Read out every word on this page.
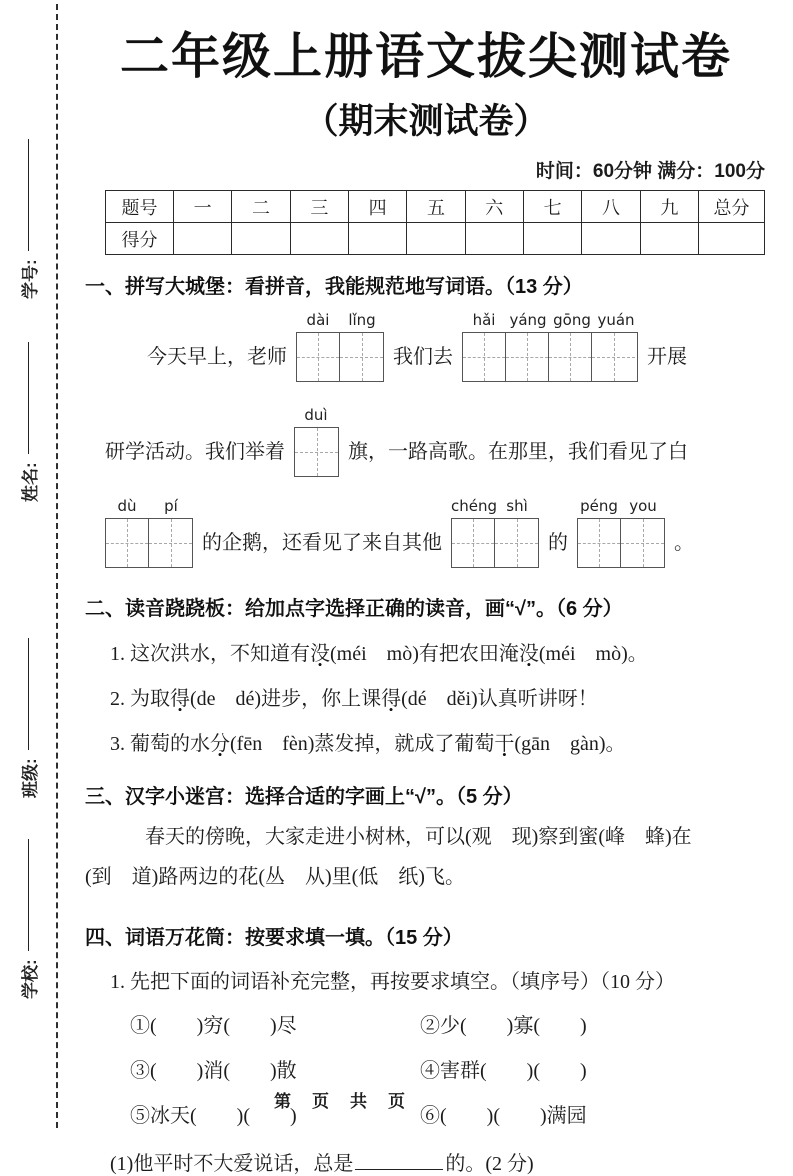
学号:
姓名:
班级:
学校:
二年级上册语文拔尖测试卷
（期末测试卷）
时间：60分钟 满分：100分
题号	一	二	三	四	五	六	七	八	九	总分
得分										
一、拼写大城堡：看拼音，我能规范地写词语。（13 分）
今天早上，老师
dài	lǐng
我们去
hǎi yáng gōng yuán
开展
研学活动。我们举着
duì
旗，一路高歌。在那里，我们看见了白
dù	pí
的企鹅，还看见了来自其他
chéng shì
的
péng you
。
二、读音跷跷板：给加点字选择正确的读音，画“√”。（6 分）
1. 这次洪水，不知道有没(méi　mò)有把农田淹没(méi　mò)。
2. 为取得(de　dé)进步，你上课得(dé　děi)认真听讲呀！
3. 葡萄的水分(fēn　fèn)蒸发掉，就成了葡萄干(gān　gàn)。
三、汉字小迷宫：选择合适的字画上“√”。（5 分）
春天的傍晚，大家走进小树林，可以(观　现)察到蜜(峰　蜂)在
(到　道)路两边的花(丛　从)里(低　纸)飞。
四、词语万花筒：按要求填一填。（15 分）
1. 先把下面的词语补充完整，再按要求填空。（填序号）（10 分）
①(　　)穷(　　)尽	②少(　　)寡(　　)
③(　　)消(　　)散	④害群(　　)(　　)
⑤冰天(　　)(　　)	⑥(　　)(　　)满园
(1)他平时不大爱说话，总是	的。(2 分)
第　页　共　页
